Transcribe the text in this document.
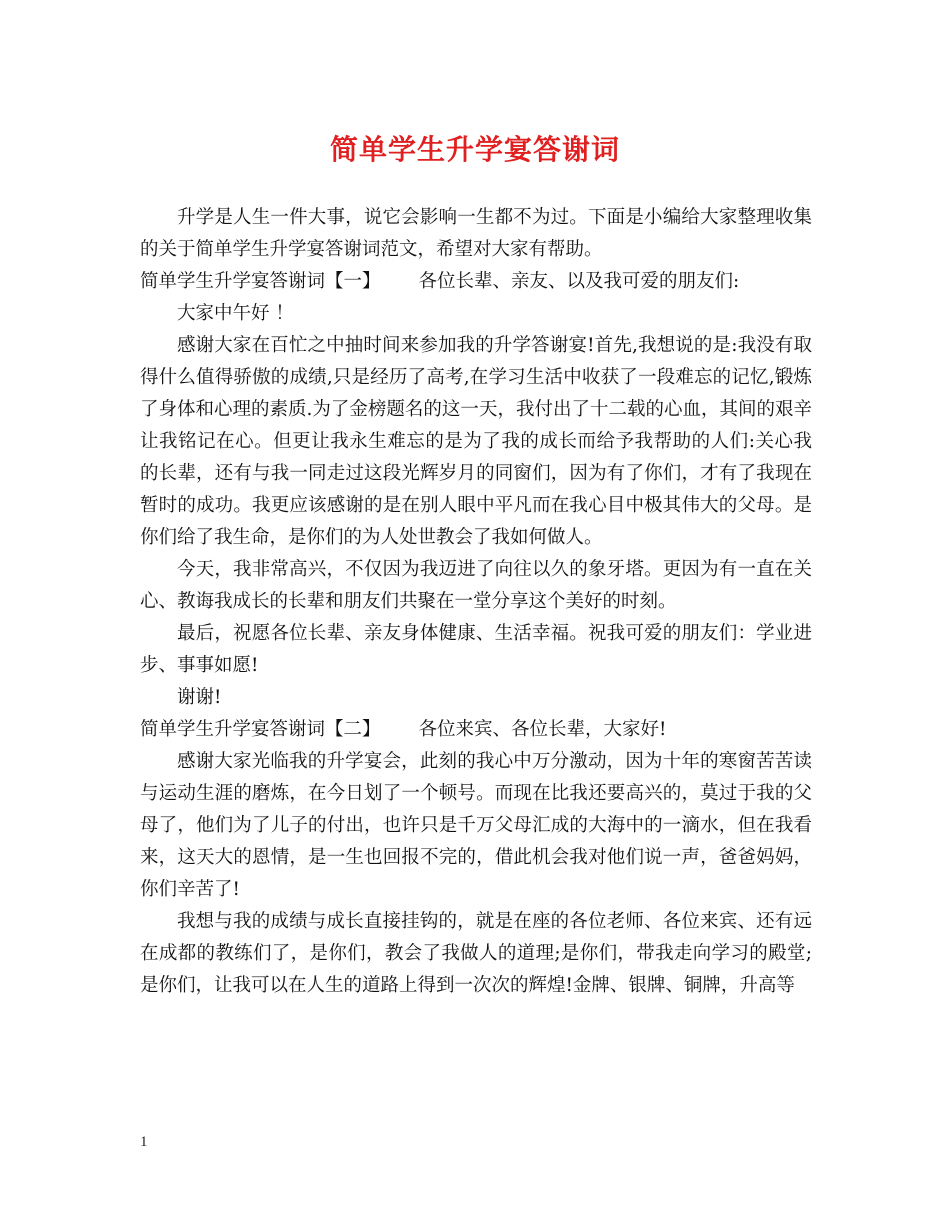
简单学生升学宴答谢词

升学是人生一件大事，说它会影响一生都不为过。下面是小编给大家整理收集的关于简单学生升学宴答谢词范文，希望对大家有帮助。

简单学生升学宴答谢词【一】 各位长辈、亲友、以及我可爱的朋友们:

大家中午好 ！

感谢大家在百忙之中抽时间来参加我的升学答谢宴!首先,我想说的是:我没有取得什么值得骄傲的成绩,只是经历了高考,在学习生活中收获了一段难忘的记忆,锻炼了身体和心理的素质.为了金榜题名的这一天，我付出了十二载的心血，其间的艰辛让我铭记在心。但更让我永生难忘的是为了我的成长而给予我帮助的人们:关心我的长辈，还有与我一同走过这段光辉岁月的同窗们，因为有了你们，才有了我现在暂时的成功。我更应该感谢的是在别人眼中平凡而在我心目中极其伟大的父母。是你们给了我生命，是你们的为人处世教会了我如何做人。

今天，我非常高兴，不仅因为我迈进了向往以久的象牙塔。更因为有一直在关心、教诲我成长的长辈和朋友们共聚在一堂分享这个美好的时刻。

最后，祝愿各位长辈、亲友身体健康、生活幸福。祝我可爱的朋友们：学业进步、事事如愿!

谢谢!

简单学生升学宴答谢词【二】 各位来宾、各位长辈，大家好!

感谢大家光临我的升学宴会，此刻的我心中万分激动，因为十年的寒窗苦苦读与运动生涯的磨炼，在今日划了一个顿号。而现在比我还要高兴的，莫过于我的父母了，他们为了儿子的付出，也许只是千万父母汇成的大海中的一滴水，但在我看来，这天大的恩情，是一生也回报不完的，借此机会我对他们说一声，爸爸妈妈，你们辛苦了!

我想与我的成绩与成长直接挂钩的，就是在座的各位老师、各位来宾、还有远在成都的教练们了，是你们，教会了我做人的道理;是你们，带我走向学习的殿堂;是你们，让我可以在人生的道路上得到一次次的辉煌!金牌、银牌、铜牌，升高等

1
